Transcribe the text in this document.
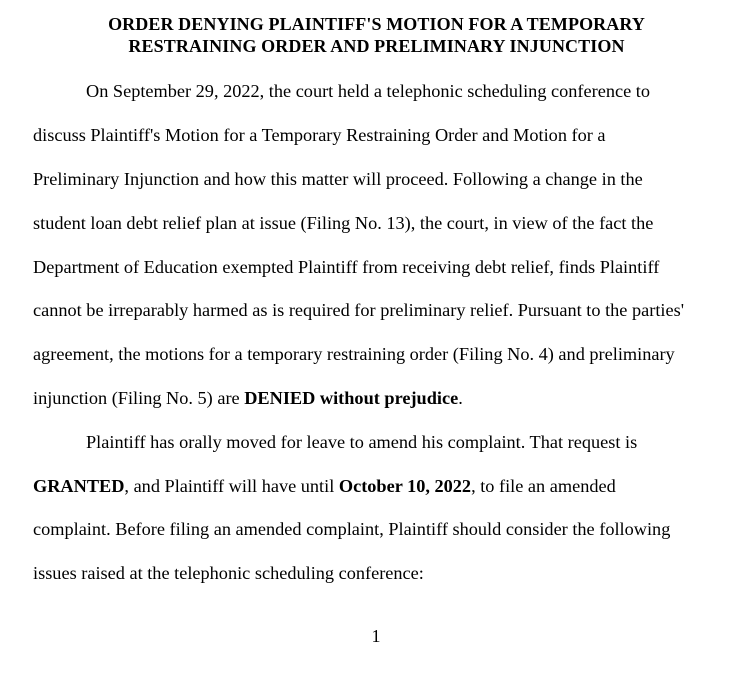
ORDER DENYING PLAINTIFF'S MOTION FOR A TEMPORARY
RESTRAINING ORDER AND PRELIMINARY INJUNCTION
On September 29, 2022, the court held a telephonic scheduling conference to
discuss Plaintiff's Motion for a Temporary Restraining Order and Motion for a
Preliminary Injunction and how this matter will proceed. Following a change in the
student loan debt relief plan at issue (Filing No. 13), the court, in view of the fact the
Department of Education exempted Plaintiff from receiving debt relief, finds Plaintiff
cannot be irreparably harmed as is required for preliminary relief. Pursuant to the parties'
agreement, the motions for a temporary restraining order (Filing No. 4) and preliminary
injunction (Filing No. 5) are DENIED without prejudice.
Plaintiff has orally moved for leave to amend his complaint. That request is
GRANTED, and Plaintiff will have until October 10, 2022, to file an amended
complaint. Before filing an amended complaint, Plaintiff should consider the following
issues raised at the telephonic scheduling conference:
1
